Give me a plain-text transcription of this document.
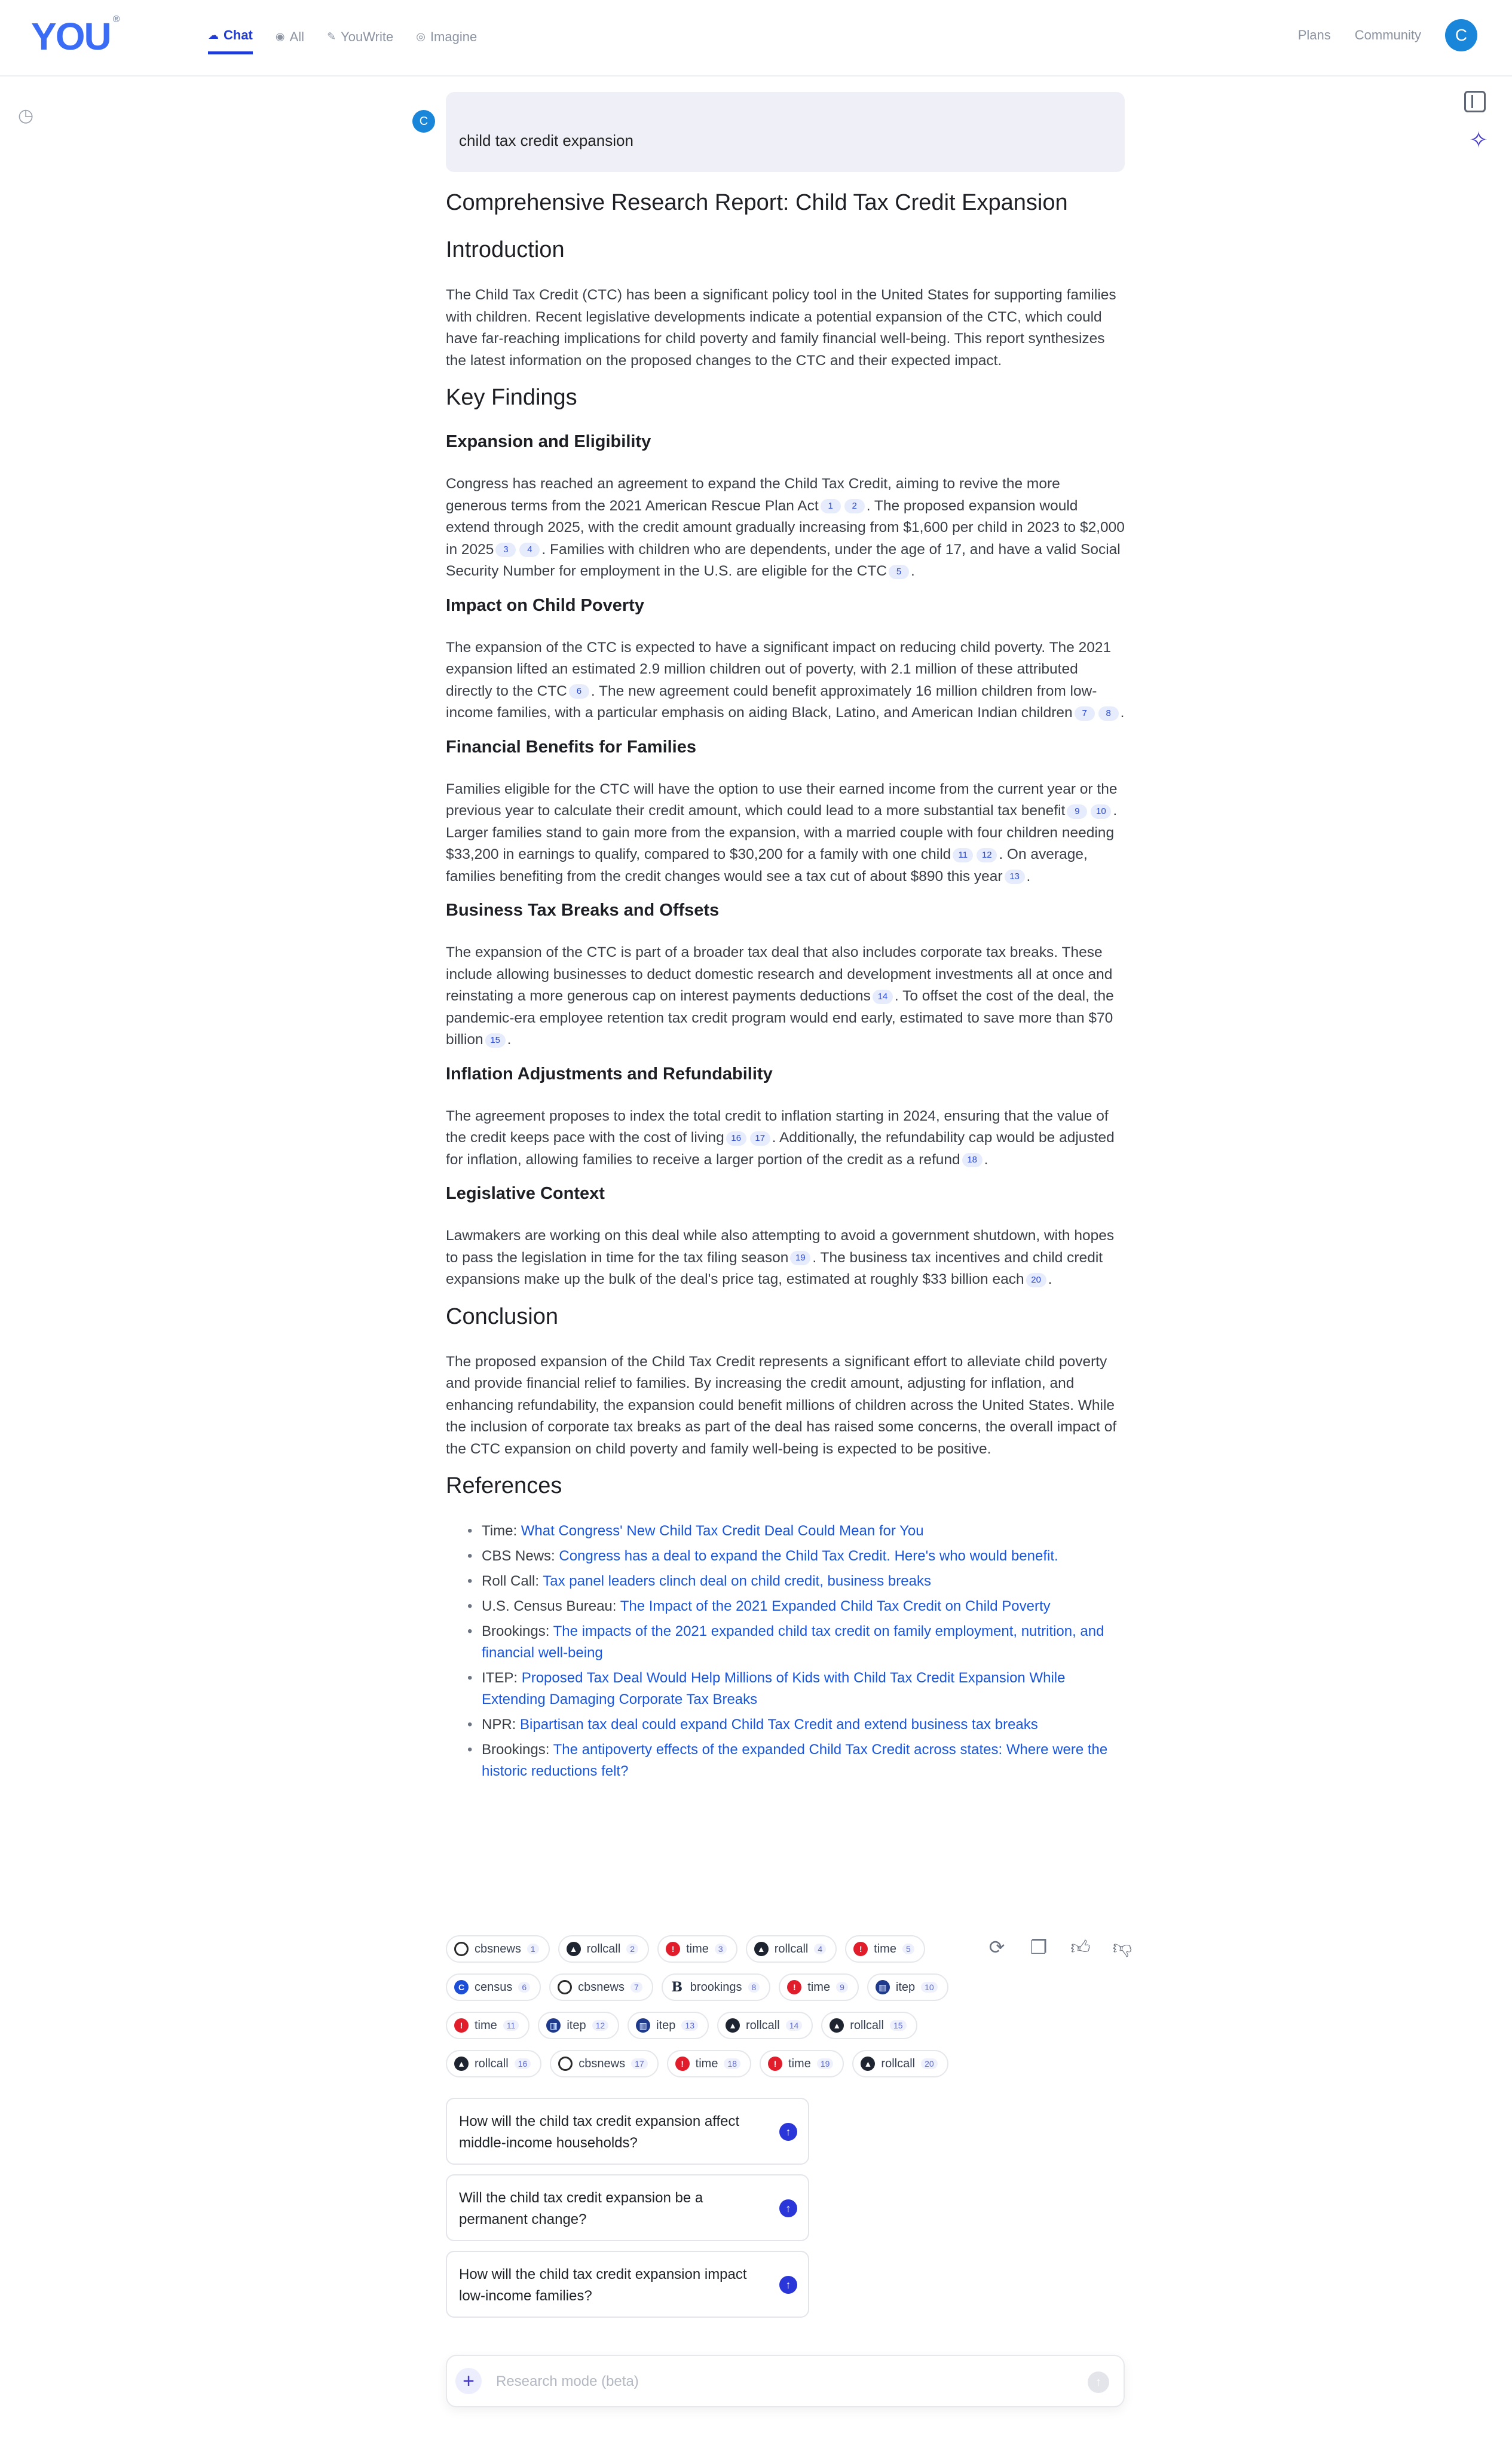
YOU ®
☁ Chat ◉ All ✎ YouWrite ◎ Imagine	Plans Community	C
◷
✧
C
child tax credit expansion
Comprehensive Research Report: Child Tax Credit Expansion
Introduction

The Child Tax Credit (CTC) has been a significant policy tool in the United States for supporting families with children. Recent legislative developments indicate a potential expansion of the CTC, which could have far-reaching implications for child poverty and family financial well-being. This report synthesizes the latest information on the proposed changes to the CTC and their expected impact.

Key Findings
Expansion and Eligibility

Congress has reached an agreement to expand the Child Tax Credit, aiming to revive the more generous terms from the 2021 American Rescue Plan Act 1 2 . The proposed expansion would extend through 2025, with the credit amount gradually increasing from $1,600 per child in 2023 to $2,000 in 2025 3 4 . Families with children who are dependents, under the age of 17, and have a valid Social Security Number for employment in the U.S. are eligible for the CTC 5 .

Impact on Child Poverty

The expansion of the CTC is expected to have a significant impact on reducing child poverty. The 2021 expansion lifted an estimated 2.9 million children out of poverty, with 2.1 million of these attributed directly to the CTC 6 . The new agreement could benefit approximately 16 million children from low-income families, with a particular emphasis on aiding Black, Latino, and American Indian children 7 8 .

Financial Benefits for Families

Families eligible for the CTC will have the option to use their earned income from the current year or the previous year to calculate their credit amount, which could lead to a more substantial tax benefit 9 10 . Larger families stand to gain more from the expansion, with a married couple with four children needing $33,200 in earnings to qualify, compared to $30,200 for a family with one child 11 12 . On average, families benefiting from the credit changes would see a tax cut of about $890 this year 13 .

Business Tax Breaks and Offsets

The expansion of the CTC is part of a broader tax deal that also includes corporate tax breaks. These include allowing businesses to deduct domestic research and development investments all at once and reinstating a more generous cap on interest payments deductions 14 . To offset the cost of the deal, the pandemic-era employee retention tax credit program would end early, estimated to save more than $70 billion 15 .

Inflation Adjustments and Refundability

The agreement proposes to index the total credit to inflation starting in 2024, ensuring that the value of the credit keeps pace with the cost of living 16 17 . Additionally, the refundability cap would be adjusted for inflation, allowing families to receive a larger portion of the credit as a refund 18 .

Legislative Context

Lawmakers are working on this deal while also attempting to avoid a government shutdown, with hopes to pass the legislation in time for the tax filing season 19 . The business tax incentives and child credit expansions make up the bulk of the deal's price tag, estimated at roughly $33 billion each 20 .

Conclusion

The proposed expansion of the Child Tax Credit represents a significant effort to alleviate child poverty and provide financial relief to families. By increasing the credit amount, adjusting for inflation, and enhancing refundability, the expansion could benefit millions of children across the United States. While the inclusion of corporate tax breaks as part of the deal has raised some concerns, the overall impact of the CTC expansion on child poverty and family well-being is expected to be positive.

References
• Time: What Congress' New Child Tax Credit Deal Could Mean for You
• CBS News: Congress has a deal to expand the Child Tax Credit. Here's who would benefit.
• Roll Call: Tax panel leaders clinch deal on child credit, business breaks
• U.S. Census Bureau: The Impact of the 2021 Expanded Child Tax Credit on Child Poverty
• Brookings: The impacts of the 2021 expanded child tax credit on family employment, nutrition, and financial well-being
• ITEP: Proposed Tax Deal Would Help Millions of Kids with Child Tax Credit Expansion While Extending Damaging Corporate Tax Breaks
• NPR: Bipartisan tax deal could expand Child Tax Credit and extend business tax breaks
• Brookings: The antipoverty effects of the expanded Child Tax Credit across states: Where were the historic reductions felt?
cbsnews	1	▲ rollcall	2	! time	3	▲ rollcall	4	! time	5
C census	6	cbsnews	7 B brookings	8	! time	9	▥ itep	10
! time	11	▥ itep	12	▥ itep	13	▲ rollcall	14	▲ rollcall	15
▲ rollcall	16	cbsnews	17	! time	18	! time	19	▲ rollcall	20
⟳ ❐ 👍︎ 👎︎
How will the child tax credit expansion affect middle-income households?
↑
Will the child tax credit expansion be a permanent change?
↑
How will the child tax credit expansion impact low-income families?
↑
+
Research mode (beta)	↑
